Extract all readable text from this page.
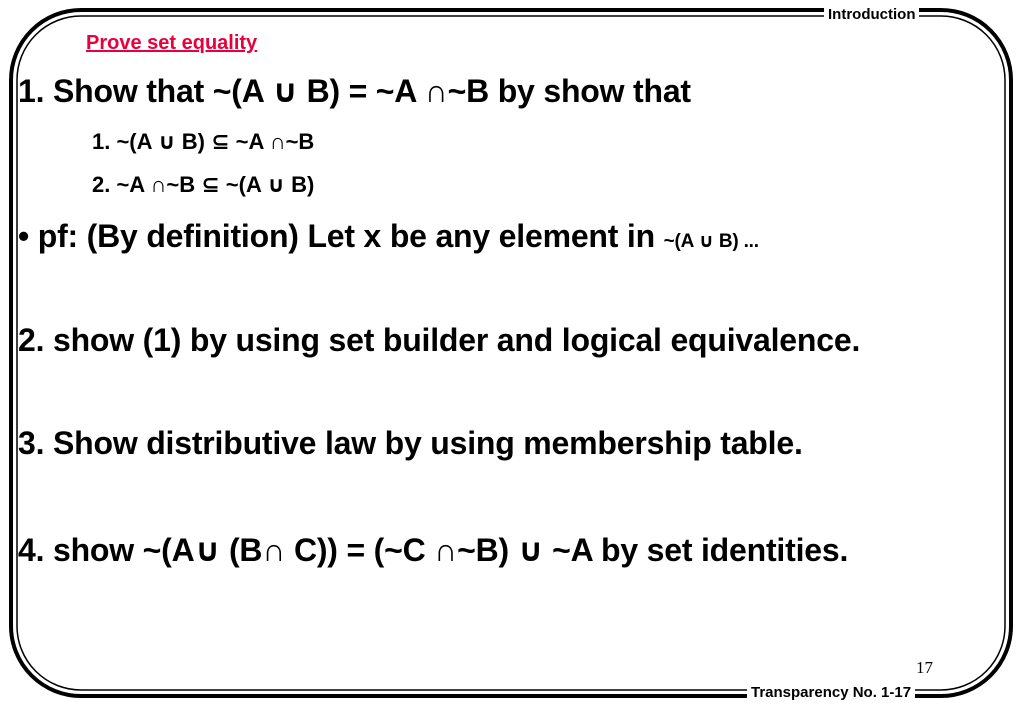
Introduction
Prove set equality
1. Show that ~(A ∪ B) = ~A ∩~B by show that
1. ~(A ∪ B) ⊆ ~A ∩~B
2. ~A ∩~B ⊆ ~(A ∪ B)
• pf: (By definition) Let x be any element in ~(A ∪ B) ...
2. show (1) by using set builder and logical equivalence.
3. Show distributive law by using membership table.
4. show ~(A∪ (B∩ C)) = (~C ∩~B) ∪ ~A by set identities.
17
Transparency No. 1-17
